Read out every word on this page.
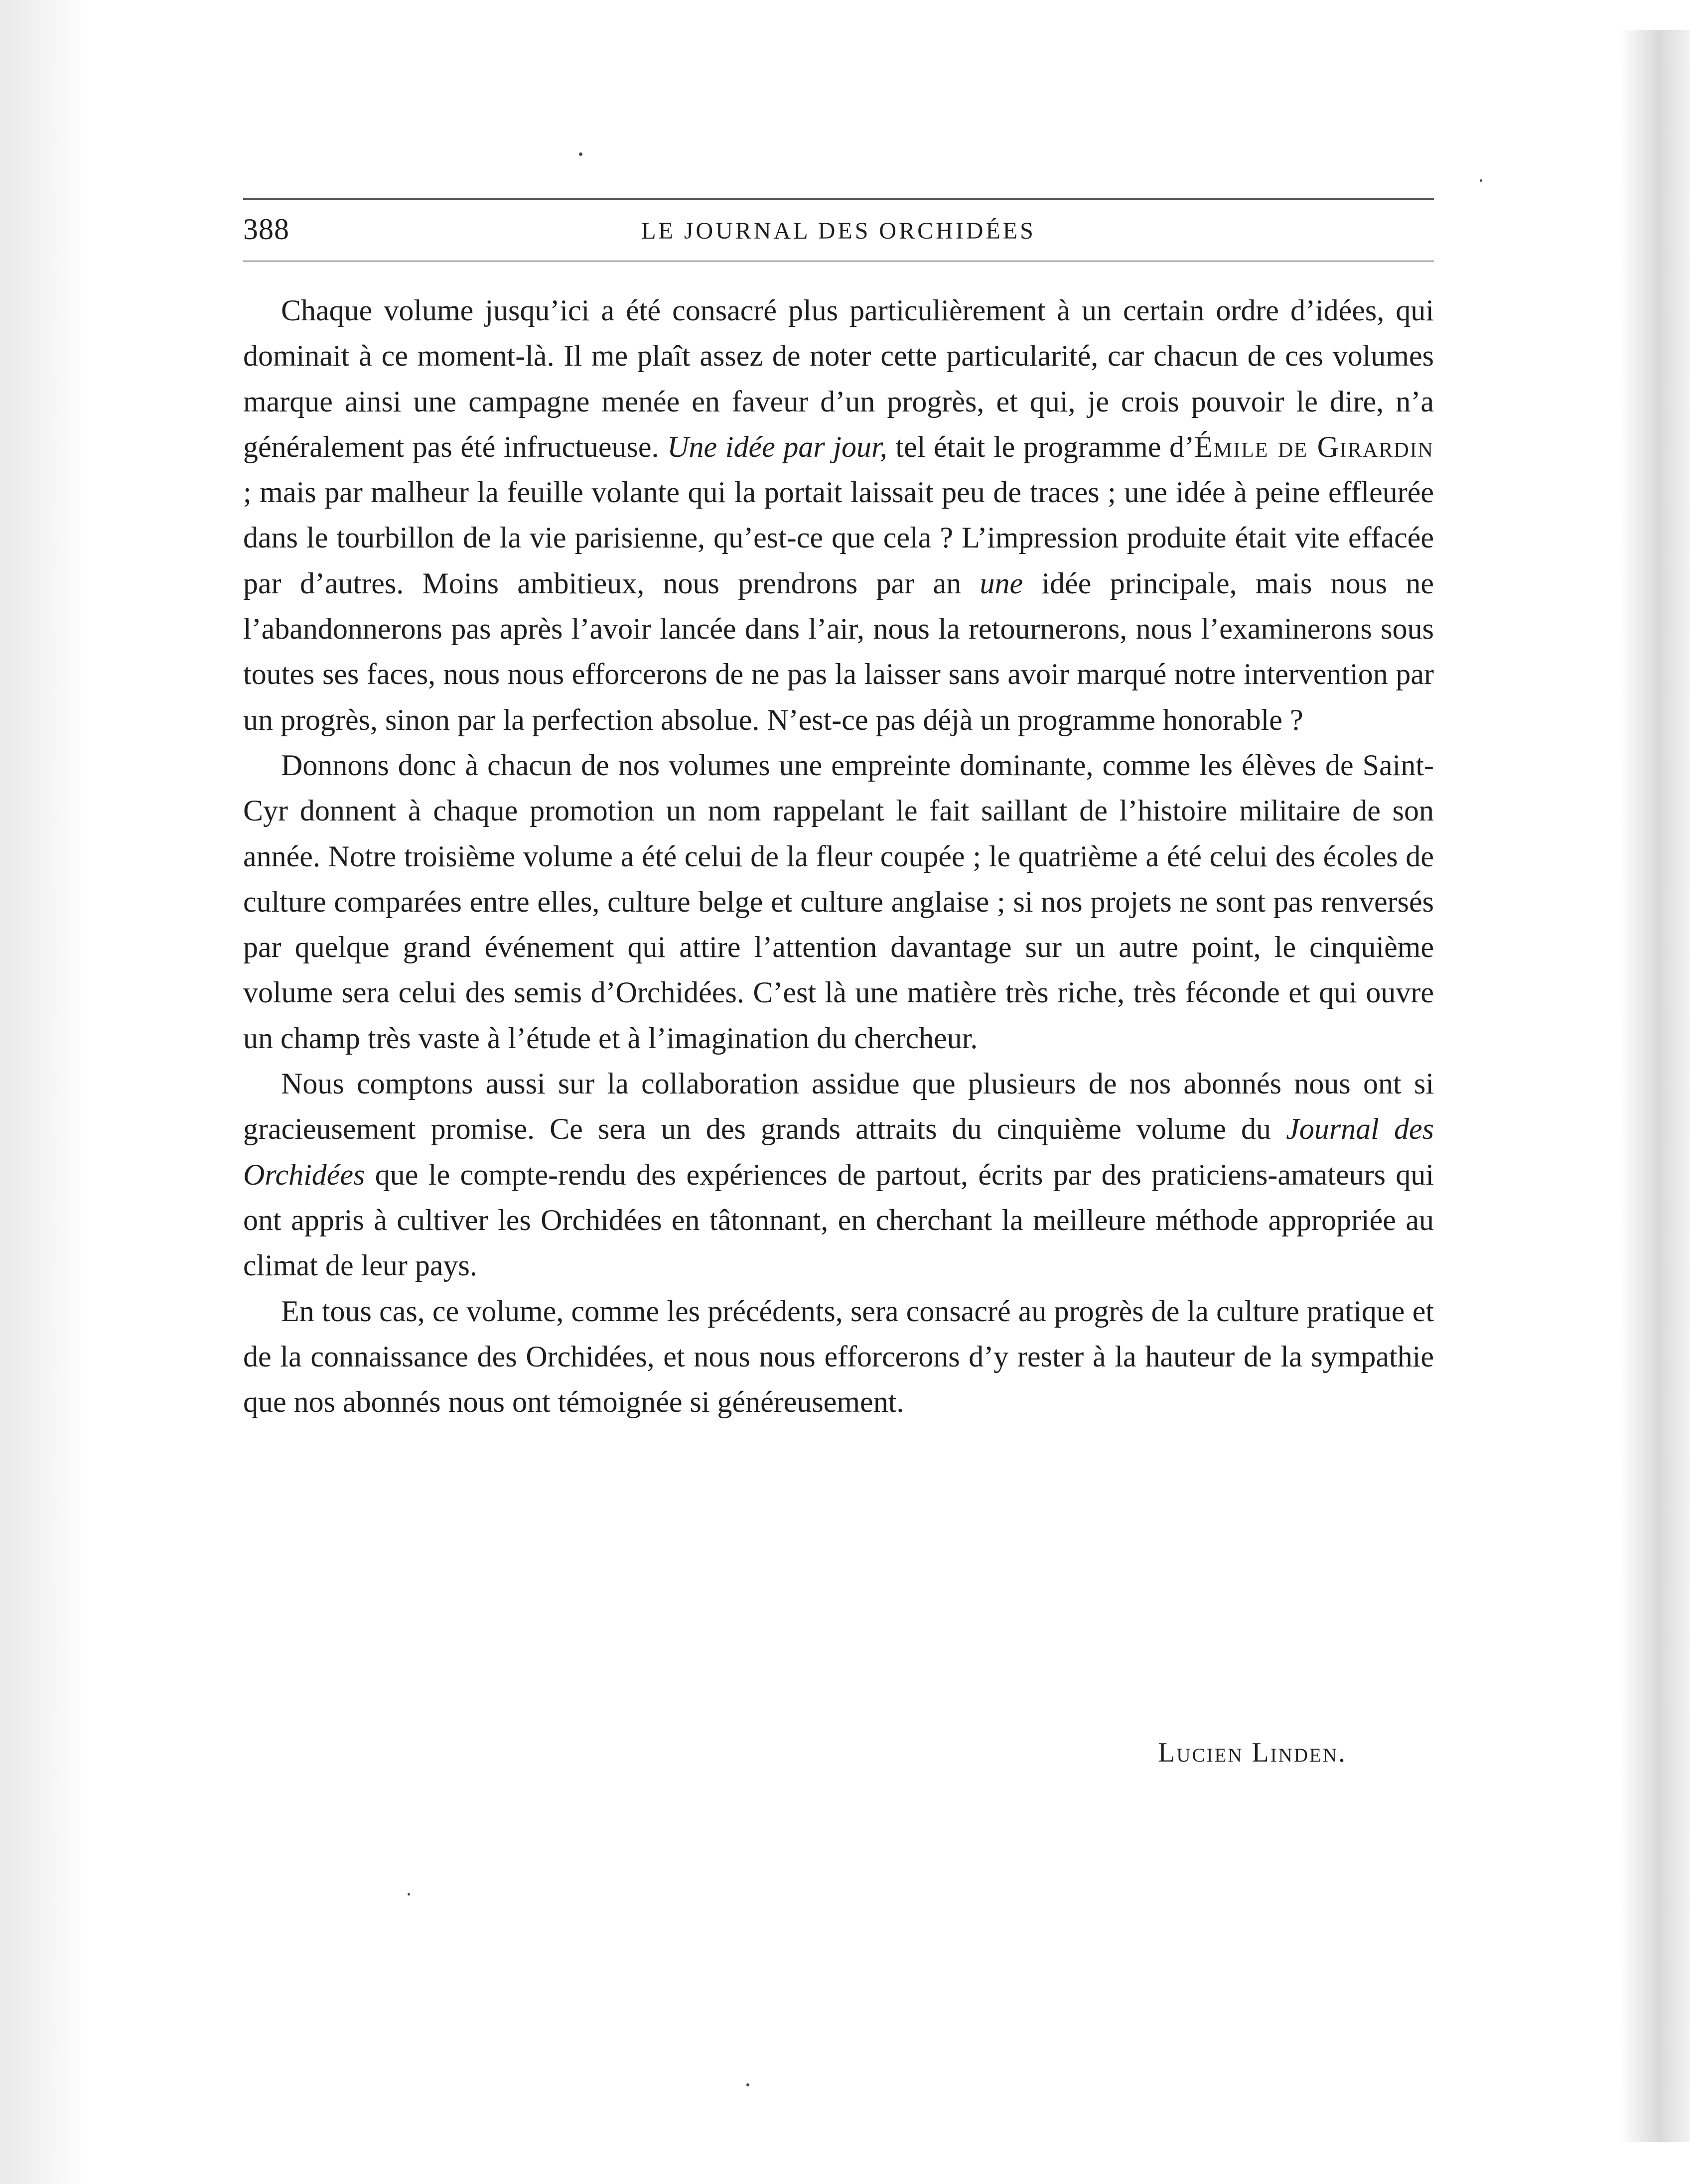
388	LE JOURNAL DES ORCHIDÉES

Chaque volume jusqu’ici a été consacré plus particulièrement à un certain ordre d’idées, qui dominait à ce moment-là. Il me plaît assez de noter cette particularité, car chacun de ces volumes marque ainsi une campagne menée en faveur d’un progrès, et qui, je crois pouvoir le dire, n’a généralement pas été infructueuse. Une idée par jour, tel était le programme d’Émile de Girardin ; mais par malheur la feuille volante qui la portait laissait peu de traces ; une idée à peine effleurée dans le tourbillon de la vie parisienne, qu’est-ce que cela ? L’impression produite était vite effacée par d’autres. Moins ambitieux, nous prendrons par an une idée principale, mais nous ne l’abandonnerons pas après l’avoir lancée dans l’air, nous la retournerons, nous l’examinerons sous toutes ses faces, nous nous efforcerons de ne pas la laisser sans avoir marqué notre intervention par un progrès, sinon par la perfection absolue. N’est-ce pas déjà un programme honorable ?

Donnons donc à chacun de nos volumes une empreinte dominante, comme les élèves de Saint-Cyr donnent à chaque promotion un nom rappelant le fait saillant de l’histoire militaire de son année. Notre troisième volume a été celui de la fleur coupée ; le quatrième a été celui des écoles de culture comparées entre elles, culture belge et culture anglaise ; si nos projets ne sont pas renversés par quelque grand événement qui attire l’attention davantage sur un autre point, le cinquième volume sera celui des semis d’Orchidées. C’est là une matière très riche, très féconde et qui ouvre un champ très vaste à l’étude et à l’imagination du chercheur.

Nous comptons aussi sur la collaboration assidue que plusieurs de nos abonnés nous ont si gracieusement promise. Ce sera un des grands attraits du cinquième volume du Journal des Orchidées que le compte-rendu des expériences de partout, écrits par des praticiens-amateurs qui ont appris à cultiver les Orchidées en tâtonnant, en cherchant la meilleure méthode appropriée au climat de leur pays.

En tous cas, ce volume, comme les précédents, sera consacré au progrès de la culture pratique et de la connaissance des Orchidées, et nous nous efforcerons d’y rester à la hauteur de la sympathie que nos abonnés nous ont témoignée si généreusement.

Lucien Linden.
